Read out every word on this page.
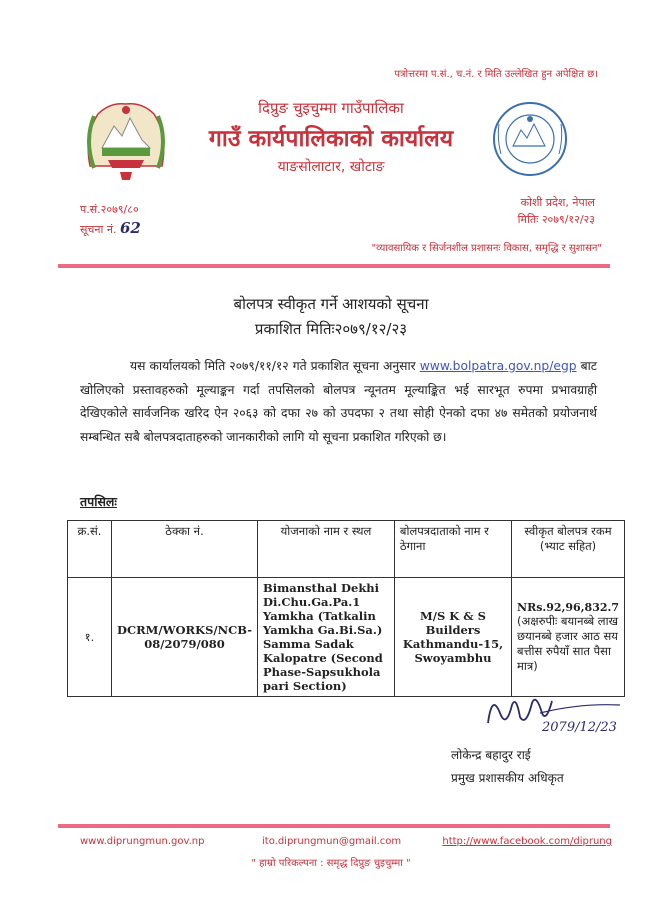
पत्रोत्तरमा प.सं., च.नं. र मिति उल्लेखित हुन अपेक्षित छ।
दिप्रुङ चुइचुम्मा गाउँपालिका
गाउँ कार्यपालिकाको कार्यालय
याङसोलाटार, खोटाङ
प.सं.२०७९/८०
सूचना नं. 62
कोशी प्रदेश, नेपाल
मितिः २०७९/१२/२३
"व्यावसायिक र सिर्जनशील प्रशासनः विकास, समृद्धि र सुशासन"
बोलपत्र स्वीकृत गर्ने आशयको सूचना
प्रकाशित मितिः२०७९/१२/२३
यस कार्यालयको मिति २०७९/११/१२ गते प्रकाशित सूचना अनुसार www.bolpatra.gov.np/egp बाट खोलिएको प्रस्तावहरुको मूल्याङ्कन गर्दा तपसिलको बोलपत्र न्यूनतम मूल्याङ्कित भई सारभूत रुपमा प्रभावग्राही देखिएकोले सार्वजनिक खरिद ऐन २०६३ को दफा २७ को उपदफा २ तथा सोही ऐनको दफा ४७ समेतको प्रयोजनार्थ सम्बन्धित सबै बोलपत्रदाताहरुको जानकारीको लागि यो सूचना प्रकाशित गरिएको छ।
तपसिलः
क्र.सं.	ठेक्का नं.	योजनाको नाम र स्थल	बोलपत्रदाताको नाम र ठेगाना	स्वीकृत बोलपत्र रकम (भ्याट सहित)
१.	DCRM/WORKS/NCB-08/2079/080	Bimansthal Dekhi Di.Chu.Ga.Pa.1 Yamkha (Tatkalin Yamkha Ga.Bi.Sa.) Samma Sadak Kalopatre (Second Phase-Sapsukhola pari Section)	M/S K & S Builders Kathmandu-15, Swoyambhu	NRs.92,96,832.7
(अक्षरुपीः बयानब्बे लाख छयानब्बे हजार आठ सय बत्तीस रुपैयाँ सात पैसा मात्र)
2079/12/23
लोकेन्द्र बहादुर राई
प्रमुख प्रशासकीय अधिकृत
www.diprungmun.gov.np	ito.diprungmun@gmail.com	http://www.facebook.com/diprung
" हाम्रो परिकल्पना : समृद्ध दिप्रुङ चुइचुम्मा "
